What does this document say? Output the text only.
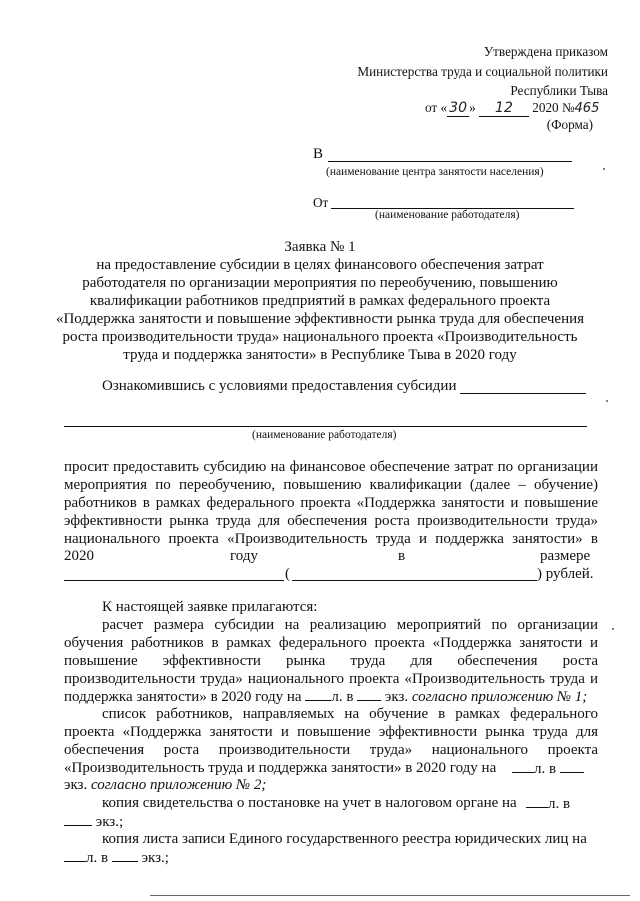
Утверждена приказом
Министерства труда и социальной политики
Республики Тыва
от « 30 » 12 2020 №465
(Форма)
В
(наименование центра занятости населения)
От
(наименование работодателя)
Заявка № 1
на предоставление субсидии в целях финансового обеспечения затрат
работодателя по организации мероприятия по переобучению, повышению
квалификации работников предприятий в рамках федерального проекта
«Поддержка занятости и повышение эффективности рынка труда для обеспечения
роста производительности труда» национального проекта «Производительность
труда и поддержка занятости» в Республике Тыва в 2020 году
Ознакомившись с условиями предоставления субсидии
(наименование работодателя)
просит предоставить субсидию на финансовое обеспечение затрат по организации
мероприятия по переобучению, повышению квалификации (далее – обучение)
работников в рамках федерального проекта «Поддержка занятости и повышение
эффективности рынка труда для обеспечения роста производительности труда»
национального проекта «Производительность труда и поддержка занятости» в
2020	году	в	размере
(	) рублей.
К настоящей заявке прилагаются:
расчет размера субсидии на реализацию мероприятий по организации
обучения работников в рамках федерального проекта «Поддержка занятости и
повышение эффективности рынка труда для обеспечения роста
производительности труда» национального проекта «Производительность труда и
поддержка занятости» в 2020 году на л. в  экз. согласно приложению № 1;
список работников, направляемых на обучение в рамках федерального
проекта «Поддержка занятости и повышение эффективности рынка труда для
обеспечения роста производительности труда» национального проекта
«Производительность труда и поддержка занятости» в 2020 году на	л. в
экз. согласно приложению № 2;
копия свидетельства о постановке на учет в налоговом органе на	л. в
экз.;
копия листа записи Единого государственного реестра юридических лиц на
л. в экз.;
